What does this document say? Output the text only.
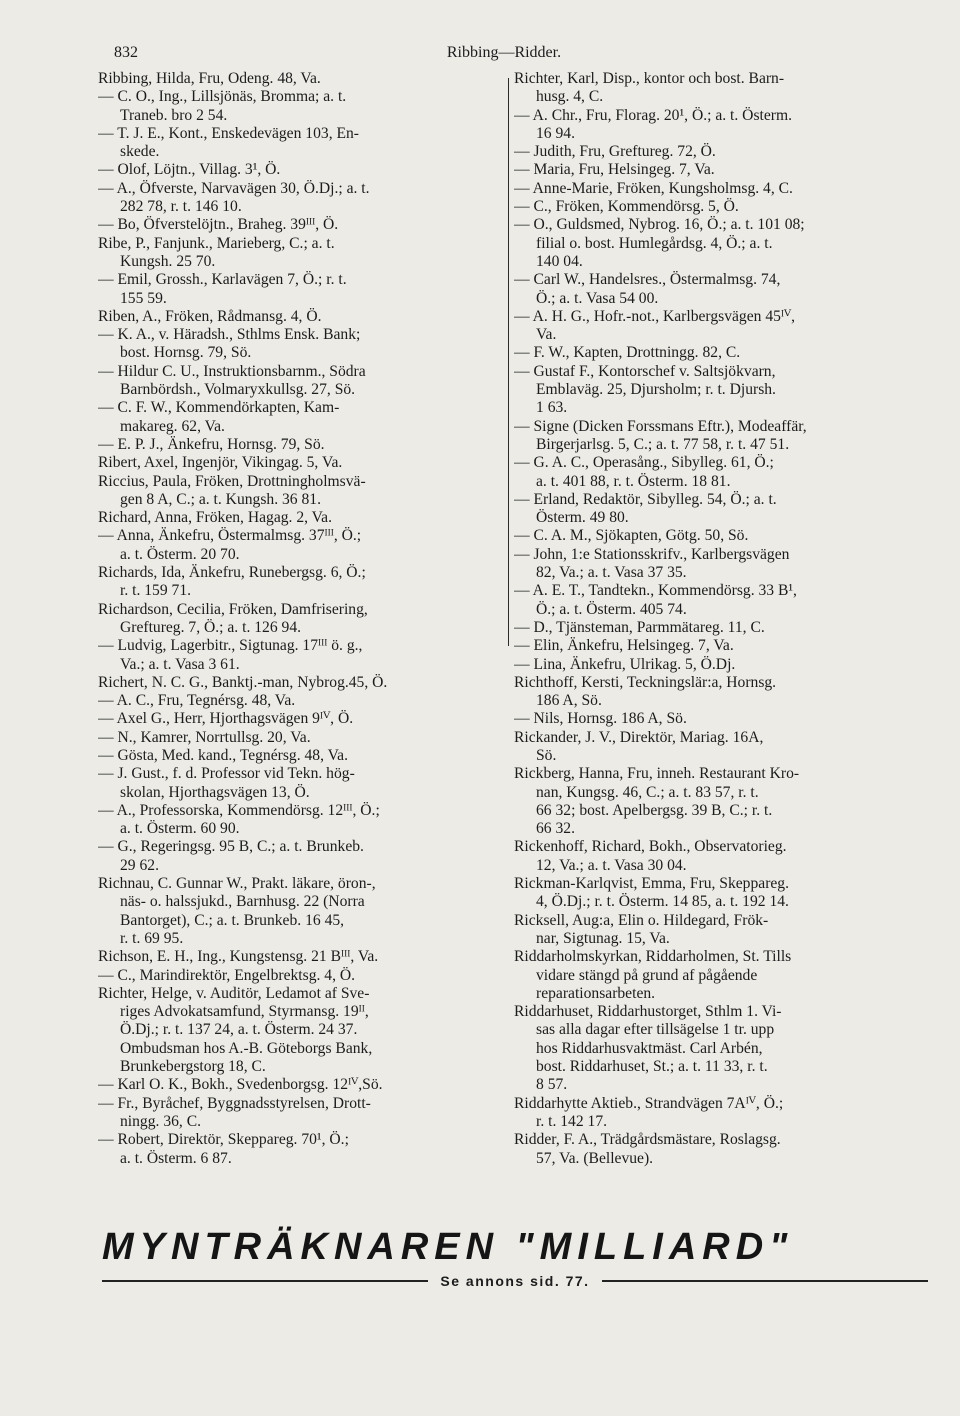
832	Ribbing—Ridder.
Ribbing, Hilda, Fru, Odeng. 48, Va.
— C. O., Ing., Lillsjönäs, Bromma; a. t.
Traneb. bro 2 54.
— T. J. E., Kont., Enskedevägen 103, En-
skede.
— Olof, Löjtn., Villag. 3¹, Ö.
— A., Öfverste, Narvavägen 30, Ö.Dj.; a. t.
282 78, r. t. 146 10.
— Bo, Öfverstelöjtn., Braheg. 39ᴵᴵᴵ, Ö.
Ribe, P., Fanjunk., Marieberg, C.; a. t.
Kungsh. 25 70.
— Emil, Grossh., Karlavägen 7, Ö.; r. t.
155 59.
Riben, A., Fröken, Rådmansg. 4, Ö.
— K. A., v. Häradsh., Sthlms Ensk. Bank;
bost. Hornsg. 79, Sö.
— Hildur C. U., Instruktionsbarnm., Södra
Barnbördsh., Volmaryxkullsg. 27, Sö.
— C. F. W., Kommendörkapten, Kam-
makareg. 62, Va.
— E. P. J., Änkefru, Hornsg. 79, Sö.
Ribert, Axel, Ingenjör, Vikingag. 5, Va.
Riccius, Paula, Fröken, Drottningholmsvä-
gen 8 A, C.; a. t. Kungsh. 36 81.
Richard, Anna, Fröken, Hagag. 2, Va.
— Anna, Änkefru, Östermalmsg. 37ᴵᴵᴵ, Ö.;
a. t. Österm. 20 70.
Richards, Ida, Änkefru, Runebergsg. 6, Ö.;
r. t. 159 71.
Richardson, Cecilia, Fröken, Damfrisering,
Greftureg. 7, Ö.; a. t. 126 94.
— Ludvig, Lagerbitr., Sigtunag. 17ᴵᴵᴵ ö. g.,
Va.; a. t. Vasa 3 61.
Richert, N. C. G., Banktj.-man, Nybrog.45, Ö.
— A. C., Fru, Tegnérsg. 48, Va.
— Axel G., Herr, Hjorthagsvägen 9ᴵⱽ, Ö.
— N., Kamrer, Norrtullsg. 20, Va.
— Gösta, Med. kand., Tegnérsg. 48, Va.
— J. Gust., f. d. Professor vid Tekn. hög-
skolan, Hjorthagsvägen 13, Ö.
— A., Professorska, Kommendörsg. 12ᴵᴵᴵ, Ö.;
a. t. Österm. 60 90.
— G., Regeringsg. 95 B, C.; a. t. Brunkeb.
29 62.
Richnau, C. Gunnar W., Prakt. läkare, öron-,
näs- o. halssjukd., Barnhusg. 22 (Norra
Bantorget), C.; a. t. Brunkeb. 16 45,
r. t. 69 95.
Richson, E. H., Ing., Kungstensg. 21 Bᴵᴵᴵ, Va.
— C., Marindirektör, Engelbrektsg. 4, Ö.
Richter, Helge, v. Auditör, Ledamot af Sve-
riges Advokatsamfund, Styrmansg. 19ᴵᴵ,
Ö.Dj.; r. t. 137 24, a. t. Österm. 24 37.
Ombudsman hos A.-B. Göteborgs Bank,
Brunkebergstorg 18, C.
— Karl O. K., Bokh., Svedenborgsg. 12ᴵⱽ,Sö.
— Fr., Byråchef, Byggnadsstyrelsen, Drott-
ningg. 36, C.
— Robert, Direktör, Skeppareg. 70¹, Ö.;
a. t. Österm. 6 87.
Richter, Karl, Disp., kontor och bost. Barn-
husg. 4, C.
— A. Chr., Fru, Florag. 20¹, Ö.; a. t. Österm.
16 94.
— Judith, Fru, Greftureg. 72, Ö.
— Maria, Fru, Helsingeg. 7, Va.
— Anne-Marie, Fröken, Kungsholmsg. 4, C.
— C., Fröken, Kommendörsg. 5, Ö.
— O., Guldsmed, Nybrog. 16, Ö.; a. t. 101 08;
filial o. bost. Humlegårdsg. 4, Ö.; a. t.
140 04.
— Carl W., Handelsres., Östermalmsg. 74,
Ö.; a. t. Vasa 54 00.
— A. H. G., Hofr.-not., Karlbergsvägen 45ᴵⱽ,
Va.
— F. W., Kapten, Drottningg. 82, C.
— Gustaf F., Kontorschef v. Saltsjökvarn,
Emblaväg. 25, Djursholm; r. t. Djursh.
1 63.
— Signe (Dicken Forssmans Eftr.), Modeaffär,
Birgerjarlsg. 5, C.; a. t. 77 58, r. t. 47 51.
— G. A. C., Operasång., Sibylleg. 61, Ö.;
a. t. 401 88, r. t. Österm. 18 81.
— Erland, Redaktör, Sibylleg. 54, Ö.; a. t.
Österm. 49 80.
— C. A. M., Sjökapten, Götg. 50, Sö.
— John, 1:e Stationsskrifv., Karlbergsvägen
82, Va.; a. t. Vasa 37 35.
— A. E. T., Tandtekn., Kommendörsg. 33 B¹,
Ö.; a. t. Österm. 405 74.
— D., Tjänsteman, Parmmätareg. 11, C.
— Elin, Änkefru, Helsingeg. 7, Va.
— Lina, Änkefru, Ulrikag. 5, Ö.Dj.
Richthoff, Kersti, Teckningslär:a, Hornsg.
186 A, Sö.
— Nils, Hornsg. 186 A, Sö.
Rickander, J. V., Direktör, Mariag. 16A,
Sö.
Rickberg, Hanna, Fru, inneh. Restaurant Kro-
nan, Kungsg. 46, C.; a. t. 83 57, r. t.
66 32; bost. Apelbergsg. 39 B, C.; r. t.
66 32.
Rickenhoff, Richard, Bokh., Observatorieg.
12, Va.; a. t. Vasa 30 04.
Rickman-Karlqvist, Emma, Fru, Skeppareg.
4, Ö.Dj.; r. t. Österm. 14 85, a. t. 192 14.
Ricksell, Aug:a, Elin o. Hildegard, Frök-
nar, Sigtunag. 15, Va.
Riddarholmskyrkan, Riddarholmen, St. Tills
vidare stängd på grund af pågående
reparationsarbeten.
Riddarhuset, Riddarhustorget, Sthlm 1. Vi-
sas alla dagar efter tillsägelse 1 tr. upp
hos Riddarhusvaktmäst. Carl Arbén,
bost. Riddarhuset, St.; a. t. 11 33, r. t.
8 57.
Riddarhytte Aktieb., Strandvägen 7Aᴵⱽ, Ö.;
r. t. 142 17.
Ridder, F. A., Trädgårdsmästare, Roslagsg.
57, Va. (Bellevue).
MYNTRÄKNAREN "MILLIARD"
Se annons sid. 77.
